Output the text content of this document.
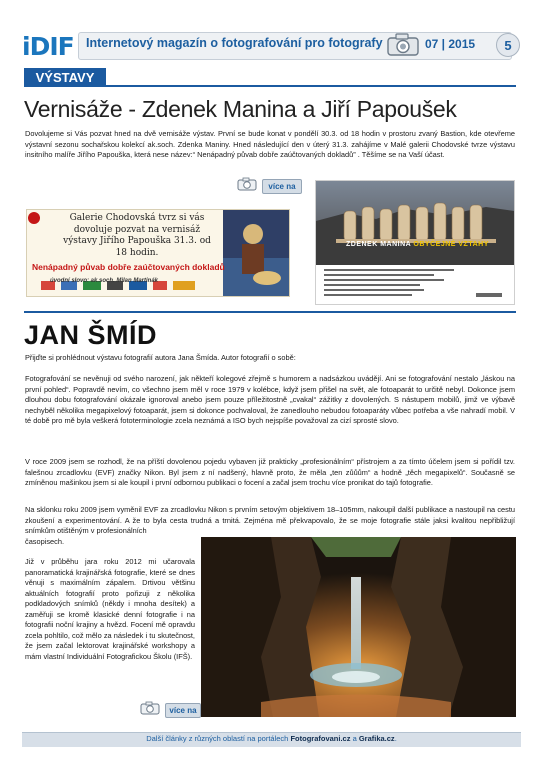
iDIF Internetový magazín o fotografování pro fotografy	07 | 2015	5
VÝSTAVY
Vernisáže - Zdenek Manina a Jiří Papoušek
Dovolujeme si Vás pozvat hned na dvě vernisáže výstav. První se bude konat v pondělí 30.3. od 18 hodin v prostoru zvaný Bastion, kde otevřeme výstavní sezonu sochařskou kolekcí ak.soch. Zdenka Maniny. Hned následující den v úterý 31.3. zahájíme v Malé galerii Chodovské tvrze výstavu insitního malíře Jiřího Papouška, která nese název:“ Nenápadný půvab dobře zaúčtovaných dokladů” . Těšíme se na Vaší účast.
více na
Galerie Chodovská tvrz si vás dovoluje pozvat na vernisáž výstavy Jiřího Papouška 31.3. od 18 hodin.
Nenápadný půvab dobře zaúčtovaných dokladů
úvodní slovo: ak.soch. Milan Martinák
ZDENEK MANINA OBYČEJNÉ VZTAHY
JAN ŠMÍD
Přijďte si prohlédnout výstavu fotografií autora Jana Šmída. Autor fotografií o sobě:
Fotografování se nevěnuji od svého narození, jak někteří kolegové zřejmě s humorem a nadsázkou uvádějí. Ani se fotografování nestalo „láskou na první pohled“. Popravdě nevím, co všechno jsem měl v roce 1979 v kolébce, když jsem přišel na svět, ale fotoaparát to určitě nebyl. Dokonce jsem dlouhou dobu fotografování okázale ignoroval anebo jsem pouze příležitostně „cvakal“ zážitky z dovolených. S nástupem mobilů, jimž ve výbavě nechyběl několika megapixelový fotoaparát, jsem si dokonce pochvaloval, že zanedlouho nebudou fotoaparáty vůbec potřeba a vše nahradí mobil. V té době pro mě byla veškerá fototerminologie zcela neznámá a ISO bych nejspíše považoval za cizí sprosté slovo.
V roce 2009 jsem se rozhodl, že na příští dovolenou pojedu vybaven již prakticky „profesionálním“ přístrojem a za tímto účelem jsem si pořídil tzv. falešnou zrcadlovku (EVF) značky Nikon. Byl jsem z ní nadšený, hlavně proto, že měla „ten zůůům“ a hodně „těch megapixelů“. Současně se zmíněnou mašinkou jsem si ale koupil i první odbornou publikaci o focení a začal jsem trochu více pronikat do tajů fotografie.
Na sklonku roku 2009 jsem vyměnil EVF za zrcadlovku Nikon s prvním setovým objektivem 18–105mm, nakoupil další publikace a nastoupil na cestu zkoušení a experimentování. A že to byla cesta trudná a trnitá. Zejména mě překvapovalo, že se moje fotografie stále jaksi kvalitou nepřibližují snímkům otištěným v profesionálních
časopisech.
Již v průběhu jara roku 2012 mi učarovala panoramatická krajinářská fotografie, které se dnes věnuji s maximálním zápalem. Drtivou většinu aktuálních fotografií proto pořizuji z několika podkladových snímků (někdy i mnoha desítek) a zaměřuji se kromě klasické denní fotografie i na fotografii noční krajiny a hvězd. Focení mě opravdu zcela pohltilo, což mělo za následek i tu skutečnost, že jsem začal lektorovat krajinářské workshopy a mám vlastní Individuální Fotografickou Školu (IFŠ).
více na
Další články z různých oblastí na portálech Fotografovani.cz a Grafika.cz.
